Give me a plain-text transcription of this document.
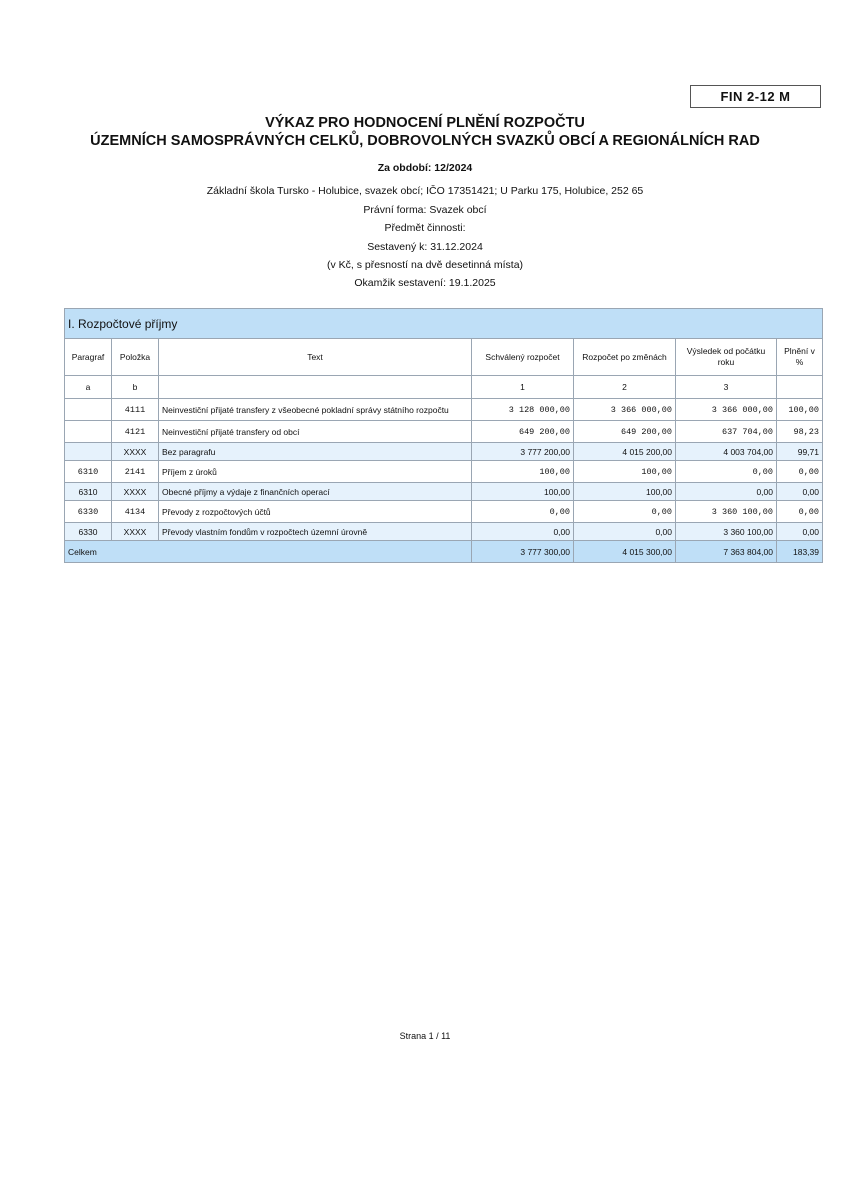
FIN 2-12 M
VÝKAZ PRO HODNOCENÍ PLNĚNÍ ROZPOČTU
ÚZEMNÍCH SAMOSPRÁVNÝCH CELKŮ, DOBROVOLNÝCH SVAZKŮ OBCÍ A REGIONÁLNÍCH RAD
Za období: 12/2024
Základní škola Tursko - Holubice, svazek obcí; IČO 17351421; U Parku 175, Holubice, 252 65
Právní forma: Svazek obcí
Předmět činnosti:
Sestavený k: 31.12.2024
(v Kč, s přesností na dvě desetinná místa)
Okamžik sestavení: 19.1.2025
I. Rozpočtové příjmy						
Paragraf	Položka	Text	Schválený rozpočet	Rozpočet po změnách	Výsledek od počátku roku	Plnění v %
a	b		1	2	3	
	4111	Neinvestiční přijaté transfery z všeobecné pokladní správy státního rozpočtu	3 128 000,00	3 366 000,00	3 366 000,00	100,00
	4121	Neinvestiční přijaté transfery od obcí	649 200,00	649 200,00	637 704,00	98,23
	XXXX	Bez paragrafu	3 777 200,00	4 015 200,00	4 003 704,00	99,71
6310	2141	Příjem z úroků	100,00	100,00	0,00	0,00
6310	XXXX	Obecné příjmy a výdaje z finančních operací	100,00	100,00	0,00	0,00
6330	4134	Převody z rozpočtových účtů	0,00	0,00	3 360 100,00	0,00
6330	XXXX	Převody vlastním fondům v rozpočtech územní úrovně	0,00	0,00	3 360 100,00	0,00
Celkem			3 777 300,00	4 015 300,00	7 363 804,00	183,39
Strana 1 / 11
